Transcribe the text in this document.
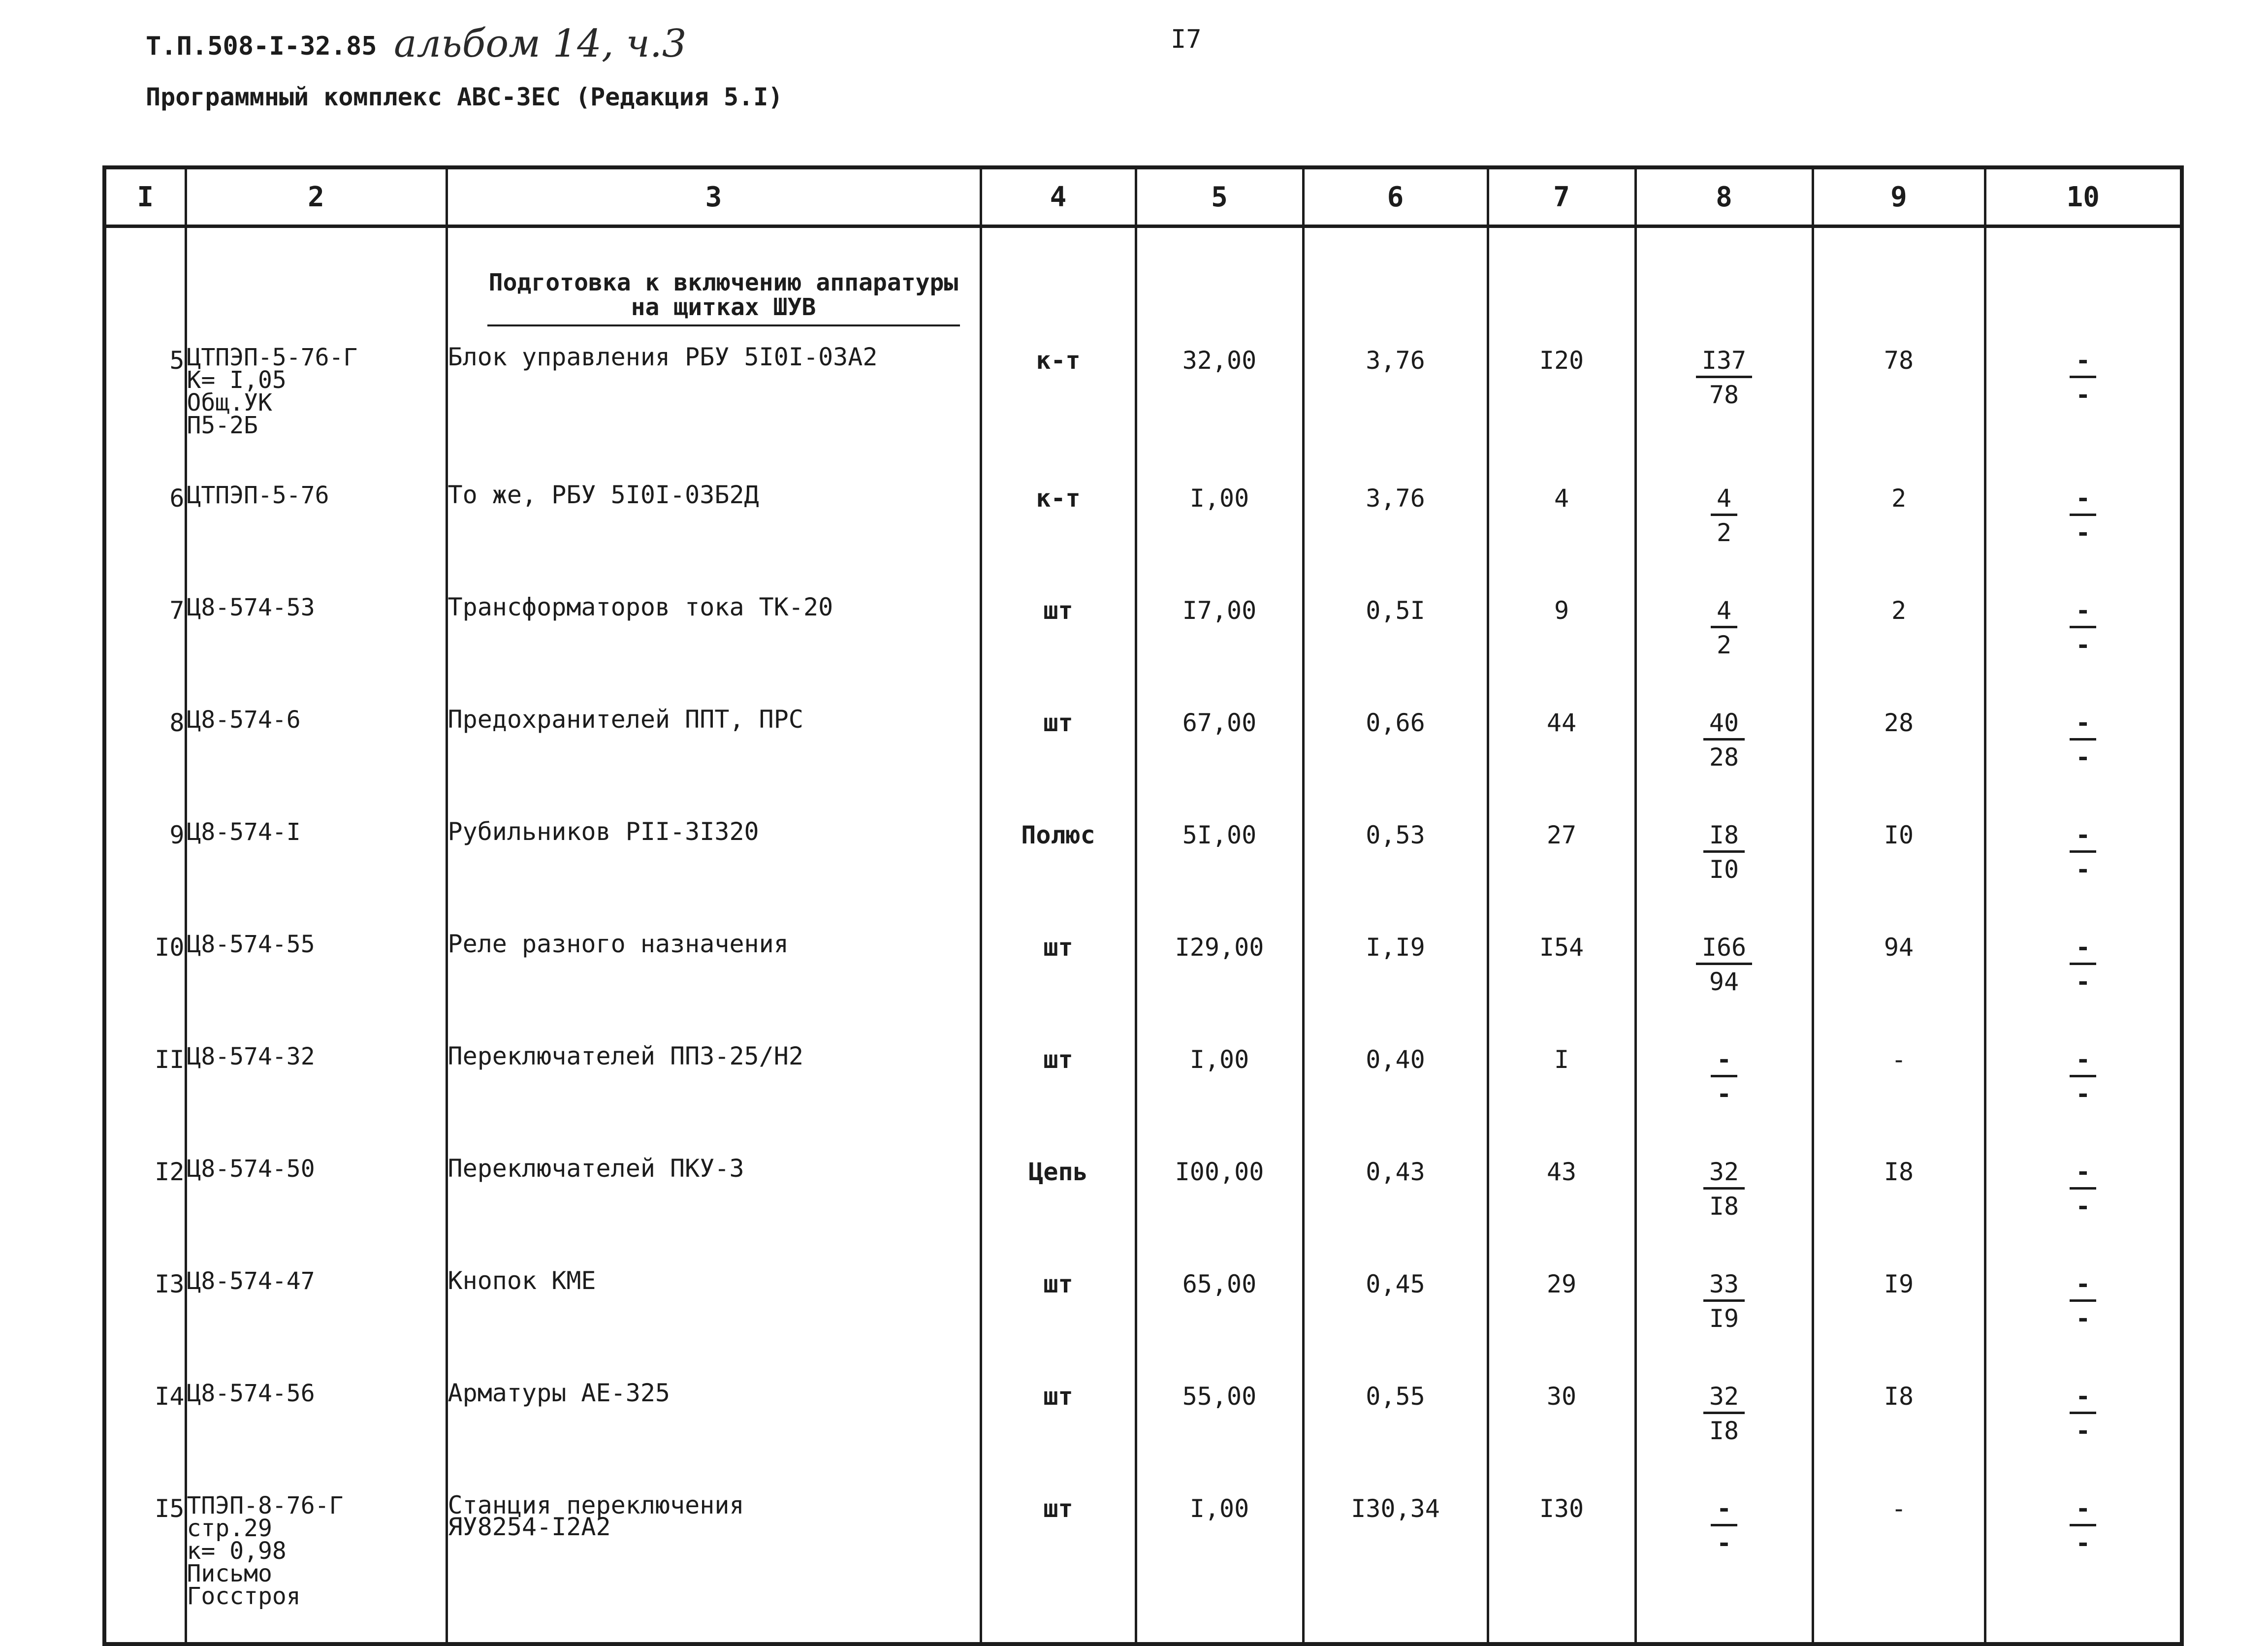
Т.П.508-I-32.85 альбом 14, ч.3	I7
Программный комплекс АВС-ЗЕС (Редакция 5.I)
I	2	3	4	5	6	7	8	9	10
		Подготовка к включению аппаратуры на щитках ШУВ							
5	ЦТПЭП-5-76-Г
К= I,05
Общ.УК
П5-2Б	Блок управления РБУ 5I0I-03А2	к-т	32,00	3,76	I20	$\frac{I37}{78}$	78	$\frac{-}{-}$

6	ЦТПЭП-5-76	То же, РБУ 5I0I-03Б2Д	к-т	I,00	3,76	4	$\frac{4}{2}$	2	$\frac{-}{-}$

7	Ц8-574-53	Трансформаторов тока ТК-20	шт	I7,00	0,5I	9	$\frac{4}{2}$	2	$\frac{-}{-}$

8	Ц8-574-6	Предохранителей ППТ, ПРС	шт	67,00	0,66	44	$\frac{40}{28}$	28	$\frac{-}{-}$

9	Ц8-574-I	Рубильников РII-3I320	Полюс	5I,00	0,53	27	$\frac{I8}{I0}$	I0	$\frac{-}{-}$

I0	Ц8-574-55	Реле разного назначения	шт	I29,00	I,I9	I54	$\frac{I66}{94}$	94	$\frac{-}{-}$

II	Ц8-574-32	Переключателей ППЗ-25/Н2	шт	I,00	0,40	I	$\frac{-}{-}$	-	$\frac{-}{-}$

I2	Ц8-574-50	Переключателей ПКУ-3	Цепь	I00,00	0,43	43	$\frac{32}{I8}$	I8	$\frac{-}{-}$

I3	Ц8-574-47	Кнопок КМЕ	шт	65,00	0,45	29	$\frac{33}{I9}$	I9	$\frac{-}{-}$

I4	Ц8-574-56	Арматуры АЕ-325	шт	55,00	0,55	30	$\frac{32}{I8}$	I8	$\frac{-}{-}$

I5	ТПЭП-8-76-Г
стр.29
к= 0,98
Письмо
Госстроя	Станция переключения
ЯУ8254-I2А2	шт	I,00	I30,34	I30	$\frac{-}{-}$	-	$\frac{-}{-}$
